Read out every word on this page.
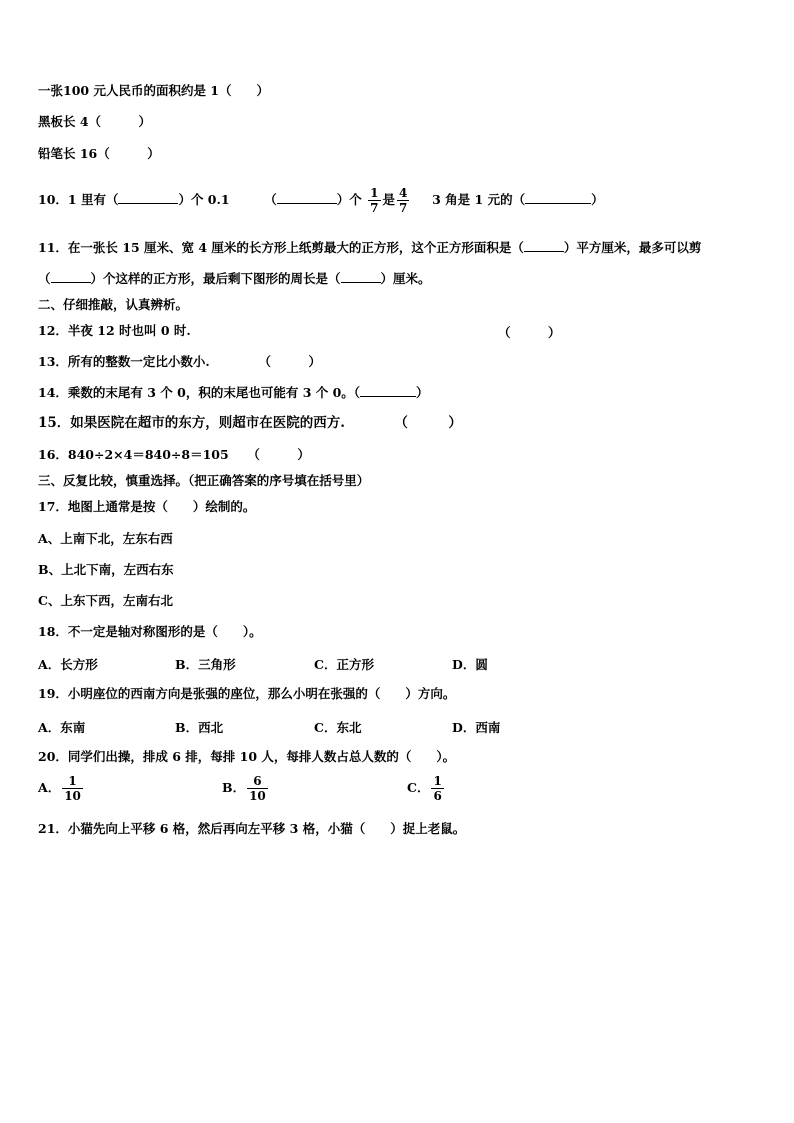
一张100 元人民币的面积约是 1（　　）
黑板长 4（　　　）
铅笔长 16（　　　）
10．1 里有（	）个 0.1	（	）个 $\frac{1}{7}$ 是 $\frac{4}{7} 3$ 角是 1 元的（	）
11．在一张长 15 厘米、宽 4 厘米的长方形上纸剪最大的正方形，这个正方形面积是（	）平方厘米，最多可以剪
（	）个这样的正方形，最后剩下图形的周长是（	）厘米。
二、仔细推敲，认真辨析。
12．半夜 12 时也叫 0 时.	（　　　）
13．所有的整数一定比小数小.	（　　　）
14．乘数的末尾有 3 个 0，积的末尾也可能有 3 个 0。（	）
15．如果医院在超市的东方，则超市在医院的西方.	（　　　）
16．840÷2×4＝840÷8＝105 （　　　）
三、反复比较，慎重选择。（把正确答案的序号填在括号里）
17．地图上通常是按（　　）绘制的。
A、上南下北，左东右西
B、上北下南，左西右东
C、上东下西，左南右北
18．不一定是轴对称图形的是（　　）。
A．长方形	B．三角形	C．正方形	D．圆
19．小明座位的西南方向是张强的座位，那么小明在张强的（　　）方向。
A．东南	B．西北	C．东北	D．西南
20．同学们出操，排成 6 排，每排 10 人，每排人数占总人数的（　　）。
A． $\frac{1}{10}$	B． $\frac{6}{10}$	C． $\frac{1}{6}$
21．小猫先向上平移 6 格，然后再向左平移 3 格，小猫（　　）捉上老鼠。
